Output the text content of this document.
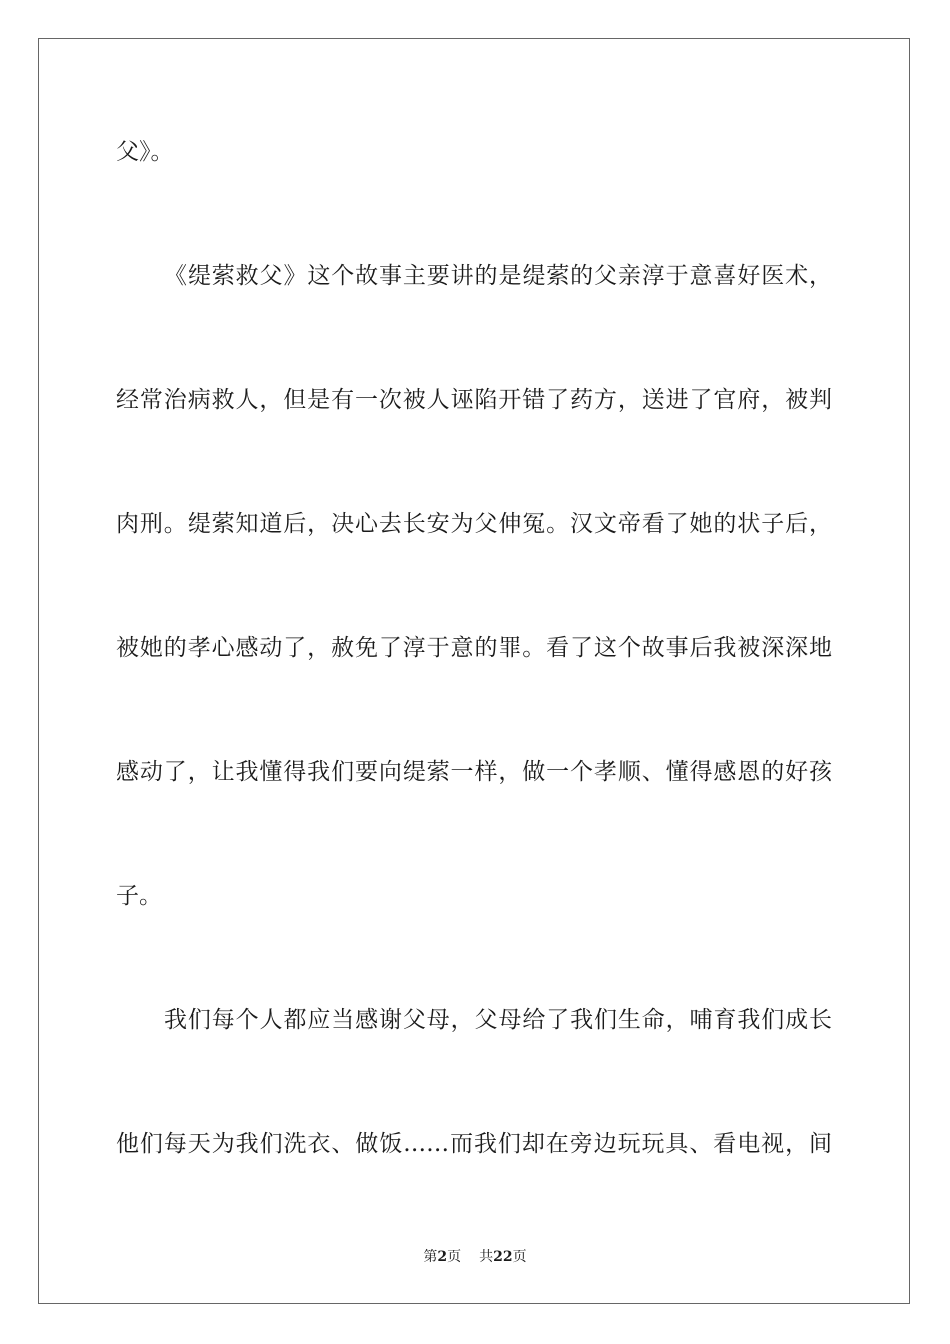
父》。
《缇萦救父》这个故事主要讲的是缇萦的父亲淳于意喜好医术，
经常治病救人，但是有一次被人诬陷开错了药方，送进了官府，被判
肉刑。缇萦知道后，决心去长安为父伸冤。汉文帝看了她的状子后，
被她的孝心感动了，赦免了淳于意的罪。看了这个故事后我被深深地
感动了，让我懂得我们要向缇萦一样，做一个孝顺、懂得感恩的好孩
子。
我们每个人都应当感谢父母，父母给了我们生命，哺育我们成长
他们每天为我们洗衣、做饭……而我们却在旁边玩玩具、看电视，间
第2页 共22页
